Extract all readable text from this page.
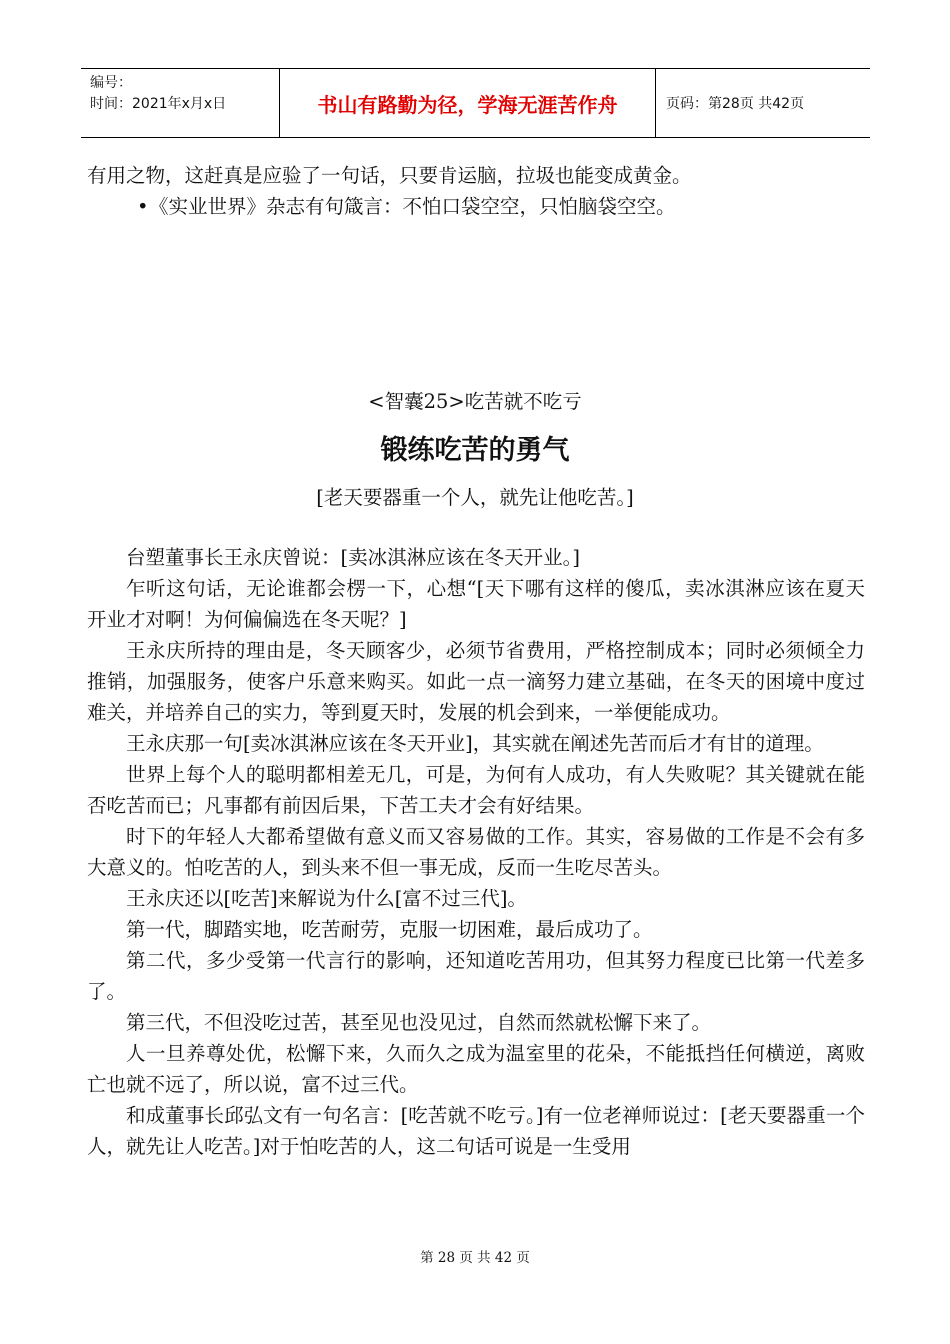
编号：
时间：2021年x月x日	书山有路勤为径，学海无涯苦作舟	页码：第28页 共42页

有用之物，这赶真是应验了一句话，只要肯运脑，拉圾也能变成黄金。

•《实业世界》杂志有句箴言：不怕口袋空空，只怕脑袋空空。

<智囊25>吃苦就不吃亏
锻练吃苦的勇气
[老天要器重一个人，就先让他吃苦。]

台塑董事长王永庆曾说：[卖冰淇淋应该在冬天开业。]

乍听这句话，无论谁都会楞一下，心想“[天下哪有这样的傻瓜，卖冰淇淋应该在夏天开业才对啊！为何偏偏选在冬天呢？]

王永庆所持的理由是，冬天顾客少，必须节省费用，严格控制成本；同时必须倾全力推销，加强服务，使客户乐意来购买。如此一点一滴努力建立基础，在冬天的困境中度过难关，并培养自己的实力，等到夏天时，发展的机会到来，一举便能成功。

王永庆那一句[卖冰淇淋应该在冬天开业]，其实就在阐述先苦而后才有甘的道理。

世界上每个人的聪明都相差无几，可是，为何有人成功，有人失败呢？其关键就在能否吃苦而已；凡事都有前因后果，下苦工夫才会有好结果。

时下的年轻人大都希望做有意义而又容易做的工作。其实，容易做的工作是不会有多大意义的。怕吃苦的人，到头来不但一事无成，反而一生吃尽苦头。

王永庆还以[吃苦]来解说为什么[富不过三代]。

第一代，脚踏实地，吃苦耐劳，克服一切困难，最后成功了。

第二代，多少受第一代言行的影响，还知道吃苦用功，但其努力程度已比第一代差多了。

第三代，不但没吃过苦，甚至见也没见过，自然而然就松懈下来了。

人一旦养尊处优，松懈下来，久而久之成为温室里的花朵，不能抵挡任何横逆，离败亡也就不远了，所以说，富不过三代。

和成董事长邱弘文有一句名言：[吃苦就不吃亏。]有一位老禅师说过：[老天要器重一个人，就先让人吃苦。]对于怕吃苦的人，这二句话可说是一生受用

第 28 页 共 42 页
